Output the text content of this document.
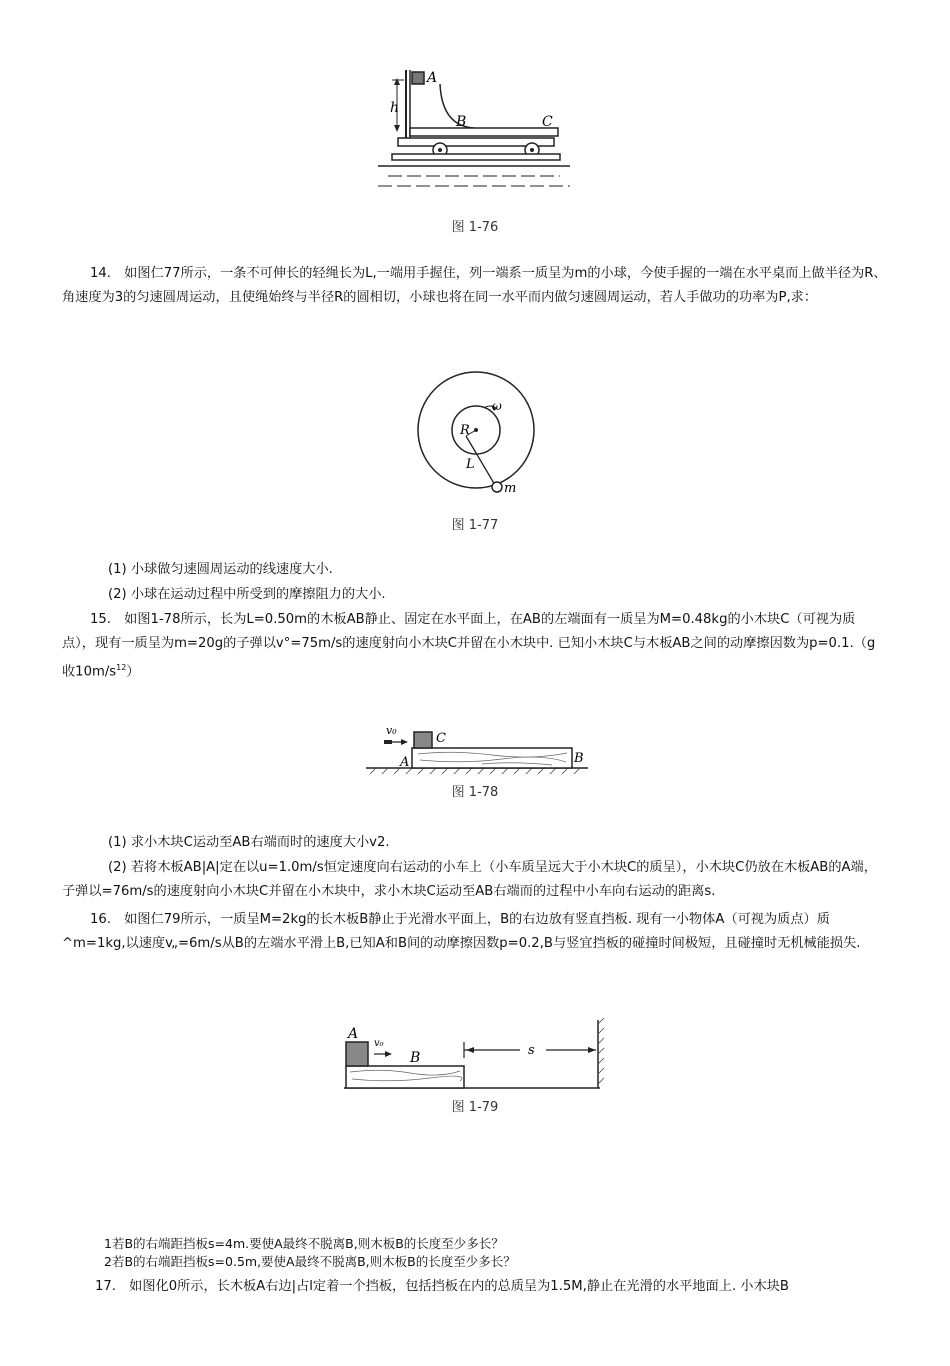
A
h
B	C
图 1-76
14.　如图仁77所示，一条不可伸长的轻绳长为L,一端用手握住，列一端系一质呈为m的小球，今使手握的一端在水平桌而上做半径为R、角速度为3的匀速圆周运动，且使绳始终与半径R的圆相切，小球也将在同一水平而内做匀速圆周运动，若人手做功的功率为P,求：
ω
R
L
m
图 1-77
(1) 小球做匀速圆周运动的线速度大小.
(2) 小球在运动过程中所受到的摩擦阻力的大小.
15.　如图1-78所示，长为L=0.50m的木板AB静止、固定在水平面上，在AB的左端面有一质呈为M=0.48kg的小木块C（可视为质点），现有一质呈为m=20g的子弹以v°=75m/s的速度射向小木块C并留在小木块中. 已知小木块C与木板AB之间的动摩擦因数为p=0.1.（g收$10m/s^{12}$）
v₀
C
A	B
图 1-78
(1) 求小木块C运动至AB右端而时的速度大小v2.
(2) 若将木板AB|A|定在以u=1.0m/s恒定速度向右运动的小车上（小车质呈远大于小木块C的质呈），小木块C仍放在木板AB的A端，子弹以=76m/s的速度射向小木块C并留在小木块中，求小木块C运动至AB右端而的过程中小车向右运动的距离s.
16.　如图仁79所示，一质呈M=2kg的长木板B静止于光滑水平面上，B的右边放有竖直挡板. 现有一小物体A（可视为质点）质^m=1kg,以速度v„=6m/s从B的左端水平滑上B,已知A和B间的动摩擦因数p=0.2,B与竖宜挡板的碰撞时间极短，且碰撞时无机械能损失.
A
v₀
B	s
图 1-79
1若B的右端距挡板s=4m.要使A最终不脱离B,则木板B的长度至少多长？
2若B的右端距挡板s=0.5m,要使A最终不脱离B,则木板B的长度至少多长？
17.　如图化0所示，长木板A右边|占l定着一个挡板，包括挡板在内的总质呈为1.5M,静止在光滑的水平地面上. 小木块B
